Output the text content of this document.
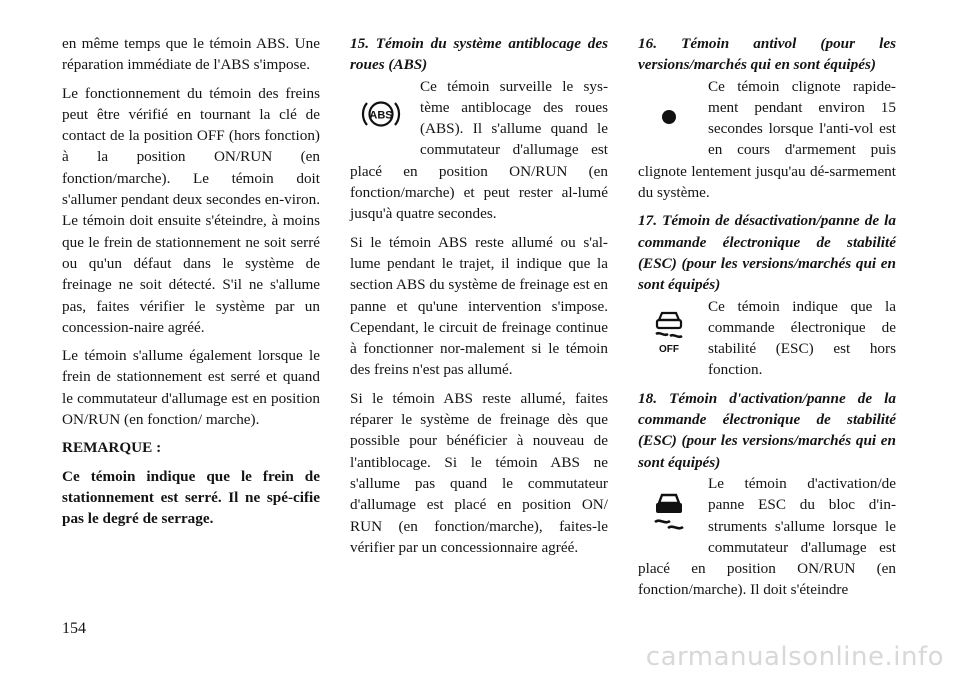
en même temps que le témoin ABS. Une réparation immédiate de l'ABS s'impose.

Le fonctionnement du témoin des freins peut être vérifié en tournant la clé de contact de la position OFF (hors fonction) à la position ON/RUN (en fonction/marche). Le témoin doit s'allumer pendant deux secondes en-viron. Le témoin doit ensuite s'éteindre, à moins que le frein de stationnement ne soit serré ou qu'un défaut dans le système de freinage ne soit détecté. S'il ne s'allume pas, faites vérifier le système par un concession-naire agréé.

Le témoin s'allume également lorsque le frein de stationnement est serré et quand le commutateur d'allumage est en position ON/RUN (en fonction/ marche).

REMARQUE :

Ce témoin indique que le frein de stationnement est serré. Il ne spé-cifie pas le degré de serrage.

15. Témoin du système antiblocage des roues (ABS)

ABS

Ce témoin surveille le sys-tème antiblocage des roues (ABS). Il s'allume quand le commutateur d'allumage est placé en position ON/RUN (en fonction/marche) et peut rester al-lumé jusqu'à quatre secondes.

Si le témoin ABS reste allumé ou s'al-lume pendant le trajet, il indique que la section ABS du système de freinage est en panne et qu'une intervention s'impose. Cependant, le circuit de freinage continue à fonctionner nor-malement si le témoin des freins n'est pas allumé.

Si le témoin ABS reste allumé, faites réparer le système de freinage dès que possible pour bénéficier à nouveau de l'antiblocage. Si le témoin ABS ne s'allume pas quand le commutateur d'allumage est placé en position ON/ RUN (en fonction/marche), faites-le vérifier par un concessionnaire agréé.

16. Témoin antivol (pour les versions/marchés qui en sont équipés)

Ce témoin clignote rapide-ment pendant environ 15 secondes lorsque l'anti-vol est en cours d'armement puis clignote lentement jusqu'au dé-sarmement du système.

17. Témoin de désactivation/panne de la commande électronique de stabilité (ESC) (pour les versions/marchés qui en sont équipés)

OFF

Ce témoin indique que la commande électronique de stabilité (ESC) est hors fonction.

18. Témoin d'activation/panne de la commande électronique de stabilité (ESC) (pour les versions/marchés qui en sont équipés)

Le témoin d'activation/de panne ESC du bloc d'in-struments s'allume lorsque le commutateur d'allumage est placé en position ON/RUN (en fonction/marche). Il doit s'éteindre

154
carmanualsonline.info
